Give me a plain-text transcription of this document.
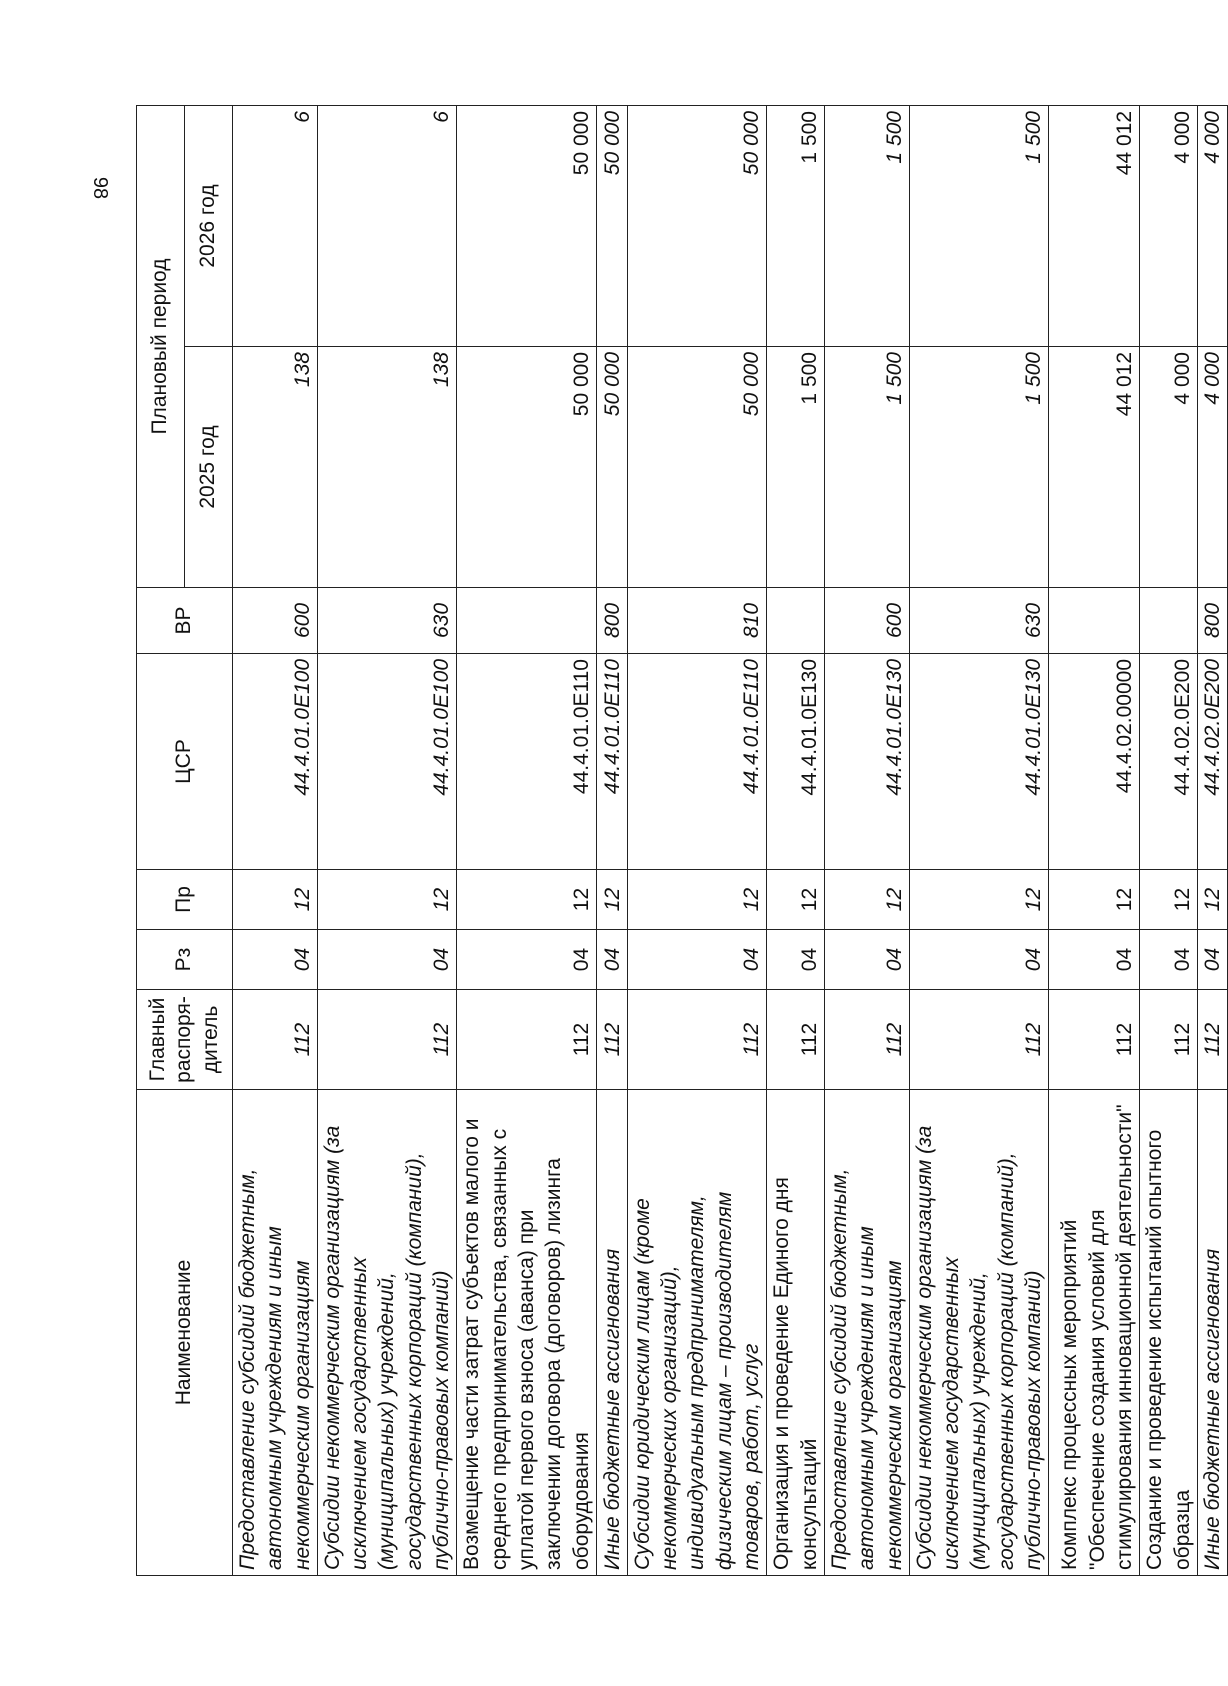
98
Наименование	Главный распоря-дитель	Рз	Пр	ЦСР	ВР	Плановый период	
						2025 год	2026 год
Предоставление субсидий бюджетным, автономным учреждениям и иным некоммерческим организациям	112	04	12	44.4.01.0E100	600	138	6
Субсидии некоммерческим организациям (за исключением государственных (муниципальных) учреждений, государственных корпораций (компаний), публично-правовых компаний)	112	04	12	44.4.01.0E100	630	138	6
Возмещение части затрат субъектов малого и среднего предпринимательства, связанных с уплатой первого взноса (аванса) при заключении договора (договоров) лизинга оборудования	112	04	12	44.4.01.0E110		50 000	50 000
Иные бюджетные ассигнования	112	04	12	44.4.01.0E110	800	50 000	50 000
Субсидии юридическим лицам (кроме некоммерческих организаций), индивидуальным предпринимателям, физическим лицам – производителям товаров, работ, услуг	112	04	12	44.4.01.0E110	810	50 000	50 000
Организация и проведение Единого дня консультаций	112	04	12	44.4.01.0E130		1 500	1 500
Предоставление субсидий бюджетным, автономным учреждениям и иным некоммерческим организациям	112	04	12	44.4.01.0E130	600	1 500	1 500
Субсидии некоммерческим организациям (за исключением государственных (муниципальных) учреждений, государственных корпораций (компаний), публично-правовых компаний)	112	04	12	44.4.01.0E130	630	1 500	1 500
Комплекс процессных мероприятий "Обеспечение создания условий для стимулирования инновационной деятельности"	112	04	12	44.4.02.00000		44 012	44 012
Создание и проведение испытаний опытного образца	112	04	12	44.4.02.0E200		4 000	4 000
Иные бюджетные ассигнования	112	04	12	44.4.02.0E200	800	4 000	4 000
